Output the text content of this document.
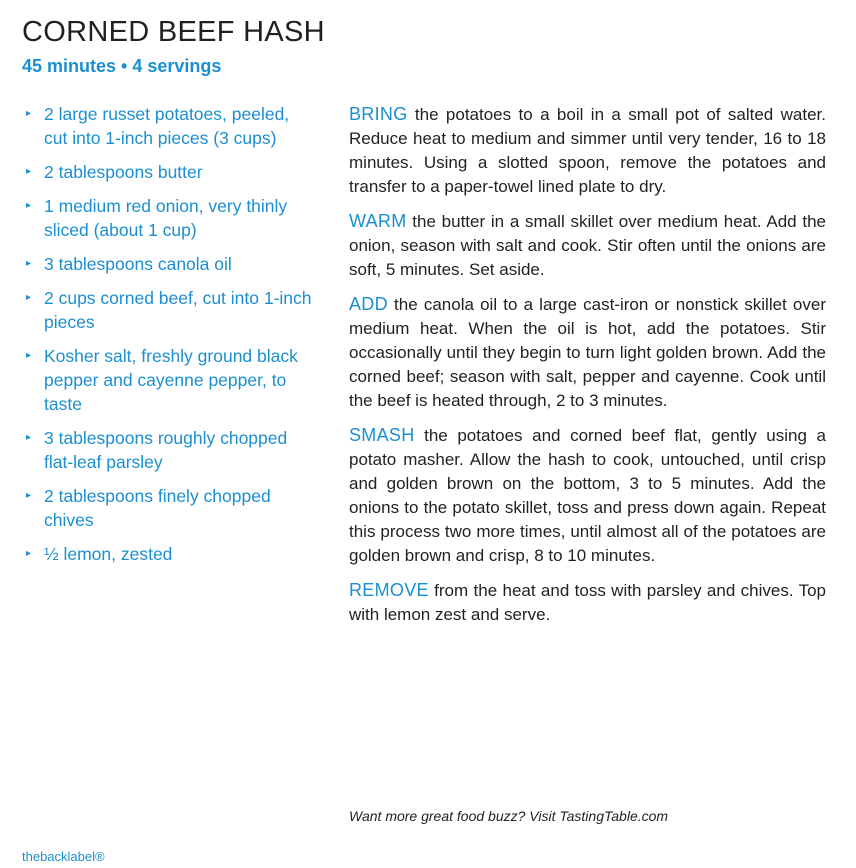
CORNED BEEF HASH
45 minutes • 4 servings
▸ 2 large russet potatoes, peeled, cut into 1-inch pieces (3 cups)
▸ 2 tablespoons butter
▸ 1 medium red onion, very thinly sliced (about 1 cup)
▸ 3 tablespoons canola oil
▸ 2 cups corned beef, cut into 1-inch pieces
▸ Kosher salt, freshly ground black pepper and cayenne pepper, to taste
▸ 3 tablespoons roughly chopped flat-leaf parsley
▸ 2 tablespoons finely chopped chives
▸ ½ lemon, zested

BRING the potatoes to a boil in a small pot of salted water. Reduce heat to medium and simmer until very tender, 16 to 18 minutes. Using a slotted spoon, remove the potatoes and transfer to a paper-towel lined plate to dry.

WARM the butter in a small skillet over medium heat. Add the onion, season with salt and cook. Stir often until the onions are soft, 5 minutes. Set aside.

ADD the canola oil to a large cast-iron or nonstick skillet over medium heat. When the oil is hot, add the potatoes. Stir occasionally until they begin to turn light golden brown. Add the corned beef; season with salt, pepper and cayenne. Cook until the beef is heated through, 2 to 3 minutes.

SMASH the potatoes and corned beef flat, gently using a potato masher. Allow the hash to cook, untouched, until crisp and golden brown on the bottom, 3 to 5 minutes. Add the onions to the potato skillet, toss and press down again. Repeat this process two more times, until almost all of the potatoes are golden brown and crisp, 8 to 10 minutes.

REMOVE from the heat and toss with parsley and chives. Top with lemon zest and serve.

Want more great food buzz? Visit TastingTable.com
thebacklabel®
